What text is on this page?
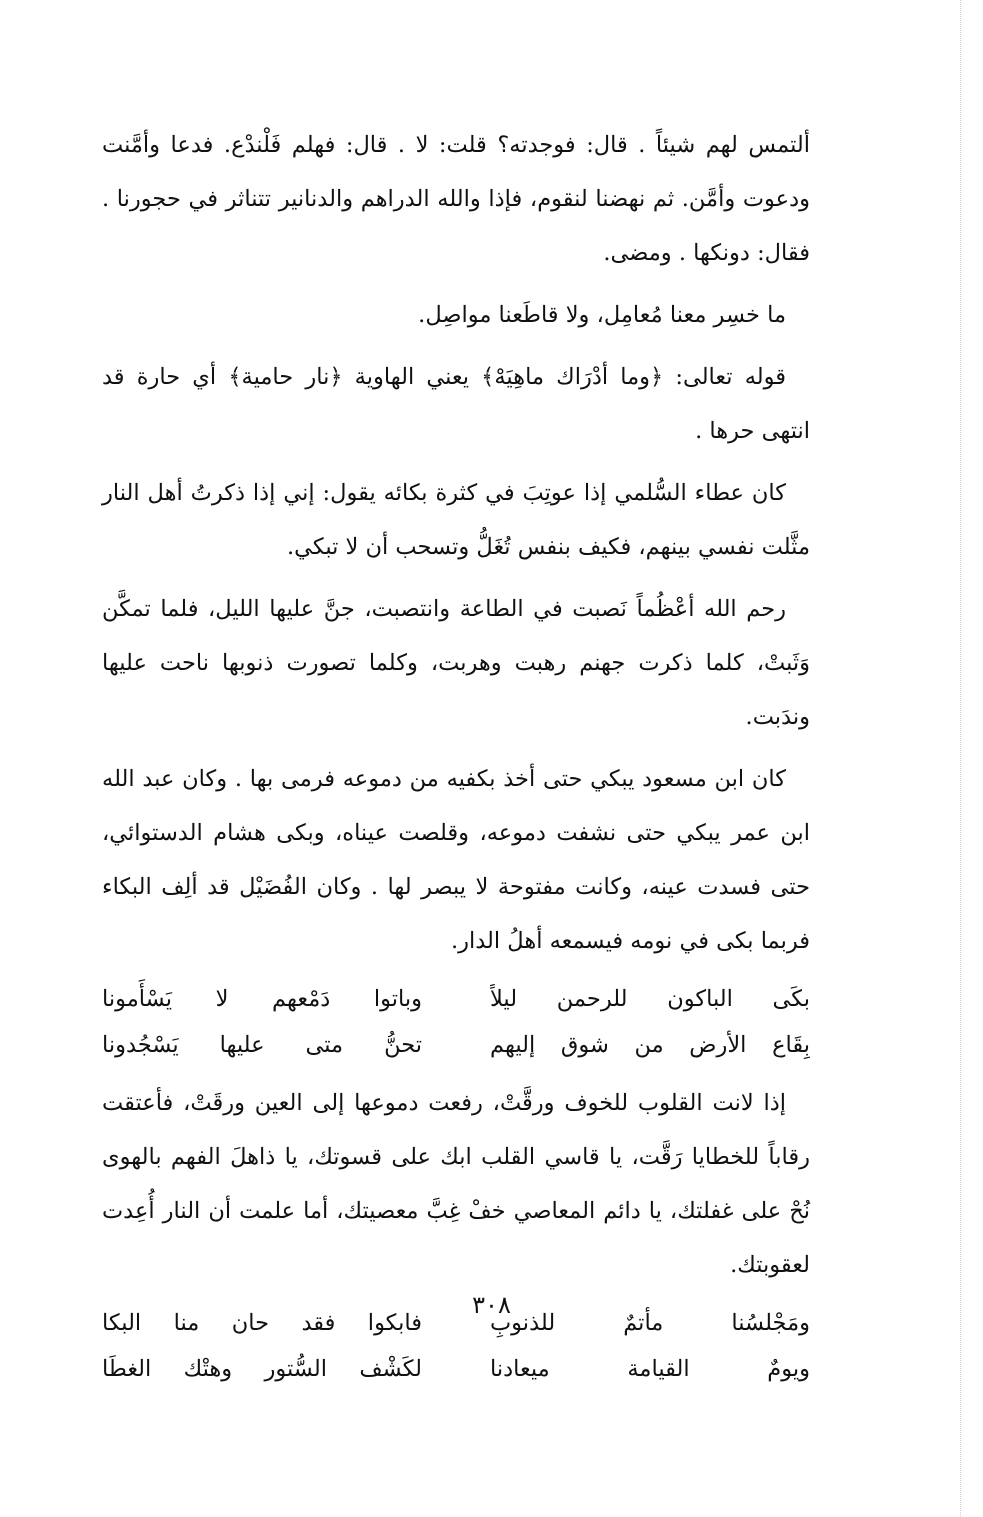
ألتمس لهم شيئاً . قال: فوجدته؟ قلت: لا . قال: فهلم فَلْندْع. فدعا وأمَّنت ودعوت وأمَّن. ثم نهضنا لنقوم، فإذا والله الدراهم والدنانير تتناثر في حجورنا . فقال: دونكها . ومضى.

ما خسِر معنا مُعامِل، ولا قاطَعنا مواصِل.

قوله تعالى: ﴿وما أدْرَاك ماهِيَهْ﴾ يعني الهاوية ﴿نار حامية﴾ أي حارة قد انتهى حرها .

كان عطاء السُّلمي إذا عوتِبَ في كثرة بكائه يقول: إني إذا ذكرتُ أهل النار مثَّلت نفسي بينهم، فكيف بنفس تُغَلُّ وتسحب أن لا تبكي.

رحم الله أعْظُماً نَصبت في الطاعة وانتصبت، جنَّ عليها الليل، فلما تمكَّن وَثَبتْ، كلما ذكرت جهنم رهبت وهربت، وكلما تصورت ذنوبها ناحت عليها وندَبت.

كان ابن مسعود يبكي حتى أخذ بكفيه من دموعه فرمى بها . وكان عبد الله ابن عمر يبكي حتى نشفت دموعه، وقلصت عيناه، وبكى هشام الدستوائي، حتى فسدت عينه، وكانت مفتوحة لا يبصر لها . وكان الفُضَيْل قد ألِف البكاء فربما بكى في نومه فيسمعه أهلُ الدار.

بكَى الباكون للرحمن ليلاً
وباتوا دَمْعهم لا يَسْأَمونا
بِقَاع الأرض من شوق إليهم
تحنُّ متى عليها يَسْجُدونا

إذا لانت القلوب للخوف ورقَّتْ، رفعت دموعها إلى العين ورقَتْ، فأعتقت رقاباً للخطايا رَقَّت، يا قاسي القلب ابك على قسوتك، يا ذاهلَ الفهم بالهوى نُحْ على غفلتك، يا دائم المعاصي خفْ غِبَّ معصيتك، أما علمت أن النار أُعِدت لعقوبتك.

ومَجْلسُنا مأتمٌ للذنوبِ
فابكوا فقد حان منا البكا
ويومٌ القيامة ميعادنا
لكَشْف السُّتور وهتْك الغطَا
٣٠٨
